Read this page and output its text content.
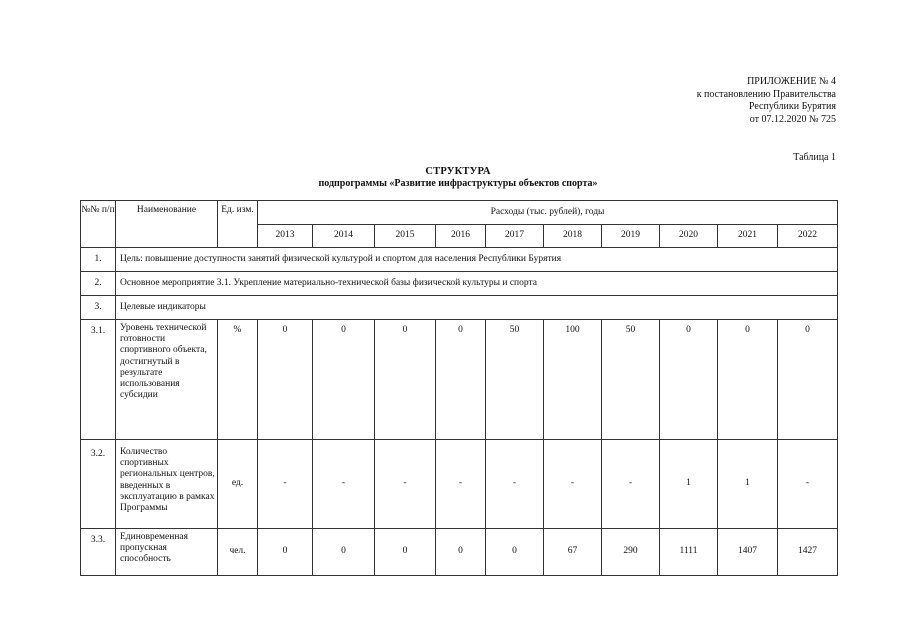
ПРИЛОЖЕНИЕ № 4
к постановлению Правительства
Республики Бурятия
от 07.12.2020 № 725
Таблица 1
СТРУКТУРА
подпрограммы «Развитие инфраструктуры объектов спорта»
№№ п/п	Наименование	Ед. изм.	Расходы (тыс. рублей), годы									
			2013	2014	2015	2016	2017	2018	2019	2020	2021	2022
1.	Цель: повышение доступности занятий физической культурой и спортом для населения Республики Бурятия											
2.	Основное мероприятие 3.1. Укрепление материально-технической базы физической культуры и спорта											
3.	Целевые индикаторы											
3.1.	Уровень технической готовности спортивного объекта, достигнутый в результате использования субсидии	%	0	0	0	0	50	100	50	0	0	0
3.2.	Количество спортивных региональных центров, введенных в эксплуатацию в рамках Программы	ед.	-	-	-	-	-	-	-	1	1	-
3.3.	Единовременная пропускная способность	чел.	0	0	0	0	0	67	290	1111	1407	1427
